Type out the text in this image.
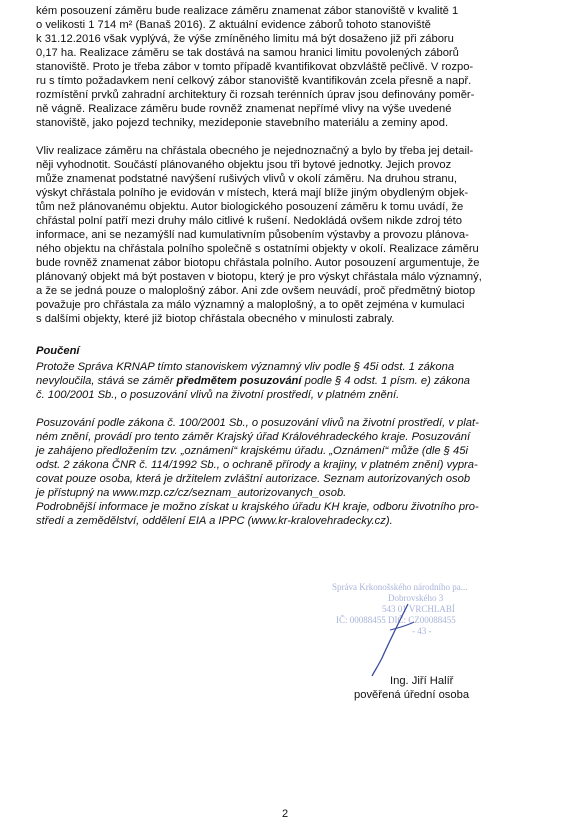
kém posouzení záměru bude realizace záměru znamenat zábor stanoviště v kvalitě 1
o velikosti 1 714 m² (Banaš 2016). Z aktuální evidence záborů tohoto stanoviště
k 31.12.2016 však vyplývá, že výše zmíněného limitu má být dosaženo již při záboru
0,17 ha. Realizace záměru se tak dostává na samou hranici limitu povolených záborů
stanoviště. Proto je třeba zábor v tomto případě kvantifikovat obzvláště pečlivě. V rozpo-
ru s tímto požadavkem není celkový zábor stanoviště kvantifikován zcela přesně a např.
rozmístění prvků zahradní architektury či rozsah terénních úprav jsou definovány poměr-
ně vágně. Realizace záměru bude rovněž znamenat nepřímé vlivy na výše uvedené
stanoviště, jako pojezd techniky, mezideponie stavebního materiálu a zeminy apod.
Vliv realizace záměru na chřástala obecného je nejednoznačný a bylo by třeba jej detail-
něji vyhodnotit. Součástí plánovaného objektu jsou tři bytové jednotky. Jejich provoz
může znamenat podstatné navýšení rušivých vlivů v okolí záměru. Na druhou stranu,
výskyt chřástala polního je evidován v místech, která mají blíže jiným obydleným objek-
tům než plánovanému objektu. Autor biologického posouzení záměru k tomu uvádí, že
chřástal polní patří mezi druhy málo citlivé k rušení. Nedokládá ovšem nikde zdroj této
informace, ani se nezamýšlí nad kumulativním působením výstavby a provozu plánova-
ného objektu na chřástala polního společně s ostatními objekty v okolí. Realizace záměru
bude rovněž znamenat zábor biotopu chřástala polního. Autor posouzení argumentuje, že
plánovaný objekt má být postaven v biotopu, který je pro výskyt chřástala málo významný,
a že se jedná pouze o maloplošný zábor. Ani zde ovšem neuvádí, proč předmětný biotop
považuje pro chřástala za málo významný a maloplošný, a to opět zejména v kumulaci
s dalšími objekty, které již biotop chřástala obecného v minulosti zabraly.
Poučení
Protože Správa KRNAP tímto stanoviskem významný vliv podle § 45i odst. 1 zákona
nevyloučila, stává se záměr předmětem posuzování podle § 4 odst. 1 písm. e) zákona
č. 100/2001 Sb., o posuzování vlivů na životní prostředí, v platném znění.
Posuzování podle zákona č. 100/2001 Sb., o posuzování vlivů na životní prostředí, v plat-
ném znění, provádí pro tento záměr Krajský úřad Královéhradeckého kraje. Posuzování
je zahájeno předložením tzv. „oznámení“ krajskému úřadu. „Oznámení“ může (dle § 45i
odst. 2 zákona ČNR č. 114/1992 Sb., o ochraně přírody a krajiny, v platném znění) vypra-
covat pouze osoba, která je držitelem zvláštní autorizace. Seznam autorizovaných osob
je přístupný na www.mzp.cz/cz/seznam_autorizovanych_osob.
Podrobnější informace je možno získat u krajského úřadu KH kraje, odboru životního pro-
středí a zemědělství, oddělení EIA a IPPC (www.kr-kralovehradecky.cz).
Správa Krkonošského národního pa...
Dobrovského 3
543 01 VRCHLABÍ
IČ: 00088455 DIČ: CZ00088455
- 43 -
Ing. Jiří Halíř
pověřená úřední osoba
2
